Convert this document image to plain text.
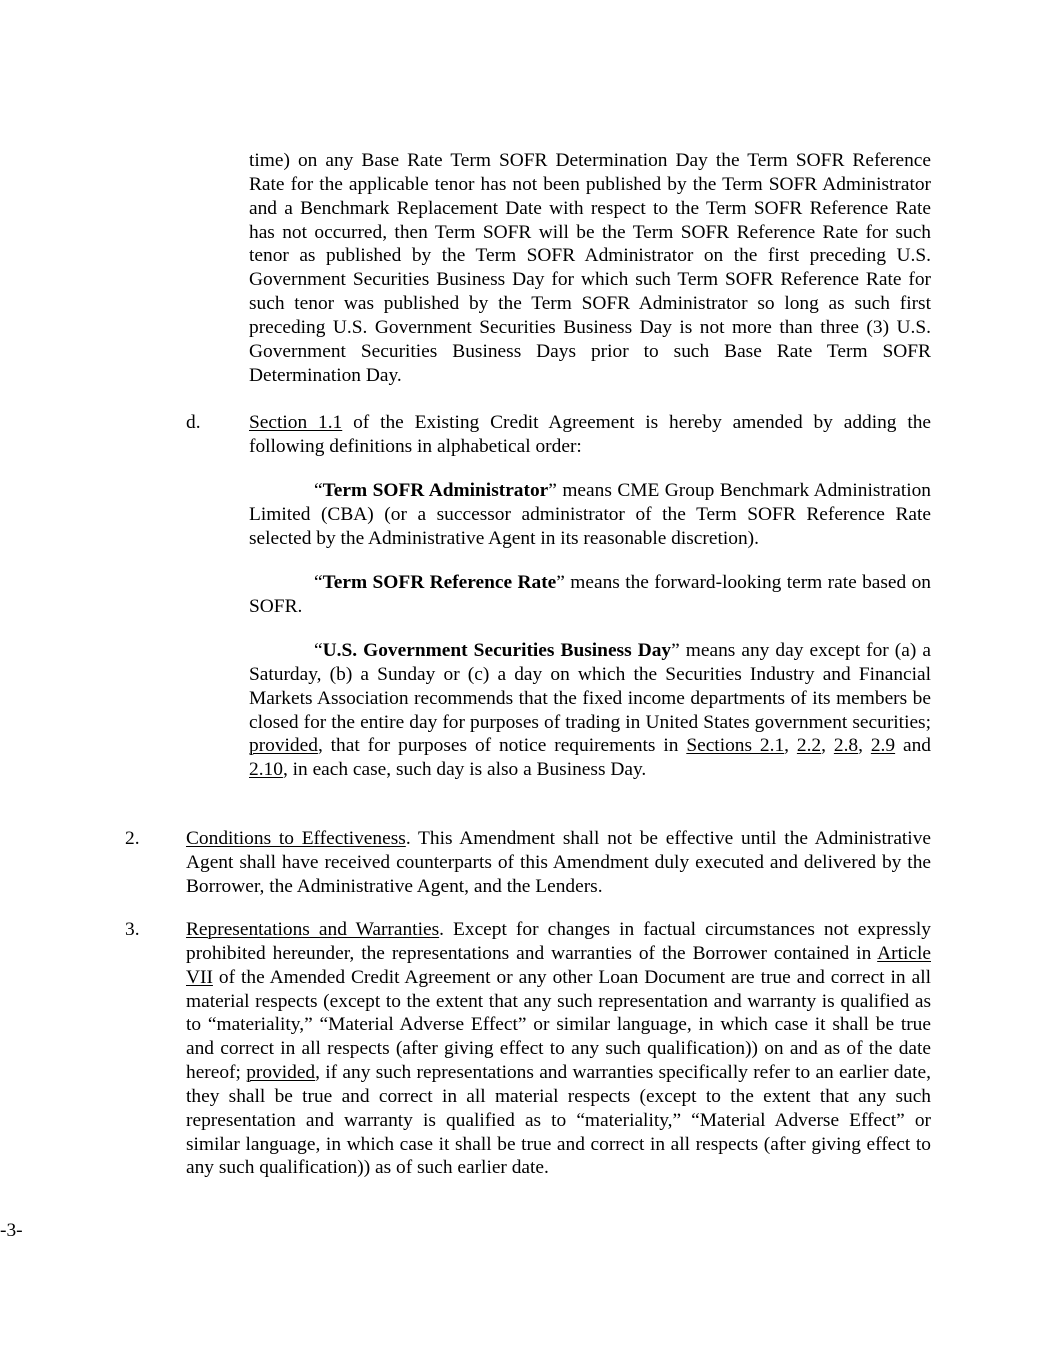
time) on any Base Rate Term SOFR Determination Day the Term SOFR Reference Rate for the applicable tenor has not been published by the Term SOFR Administrator and a Benchmark Replacement Date with respect to the Term SOFR Reference Rate has not occurred, then Term SOFR will be the Term SOFR Reference Rate for such tenor as published by the Term SOFR Administrator on the first preceding U.S. Government Securities Business Day for which such Term SOFR Reference Rate for such tenor was published by the Term SOFR Administrator so long as such first preceding U.S. Government Securities Business Day is not more than three (3) U.S. Government Securities Business Days prior to such Base Rate Term SOFR Determination Day.

d. Section 1.1 of the Existing Credit Agreement is hereby amended by adding the following definitions in alphabetical order:

“Term SOFR Administrator” means CME Group Benchmark Administration Limited (CBA) (or a successor administrator of the Term SOFR Reference Rate selected by the Administrative Agent in its reasonable discretion).

“Term SOFR Reference Rate” means the forward-looking term rate based on SOFR.

“U.S. Government Securities Business Day” means any day except for (a) a Saturday, (b) a Sunday or (c) a day on which the Securities Industry and Financial Markets Association recommends that the fixed income departments of its members be closed for the entire day for purposes of trading in United States government securities; provided, that for purposes of notice requirements in Sections 2.1, 2.2, 2.8, 2.9 and 2.10, in each case, such day is also a Business Day.

2. Conditions to Effectiveness. This Amendment shall not be effective until the Administrative Agent shall have received counterparts of this Amendment duly executed and delivered by the Borrower, the Administrative Agent, and the Lenders.

3. Representations and Warranties. Except for changes in factual circumstances not expressly prohibited hereunder, the representations and warranties of the Borrower contained in Article VII of the Amended Credit Agreement or any other Loan Document are true and correct in all material respects (except to the extent that any such representation and warranty is qualified as to “materiality,” “Material Adverse Effect” or similar language, in which case it shall be true and correct in all respects (after giving effect to any such qualification)) on and as of the date hereof; provided, if any such representations and warranties specifically refer to an earlier date, they shall be true and correct in all material respects (except to the extent that any such representation and warranty is qualified as to “materiality,” “Material Adverse Effect” or similar language, in which case it shall be true and correct in all respects (after giving effect to any such qualification)) as of such earlier date.

-3-
